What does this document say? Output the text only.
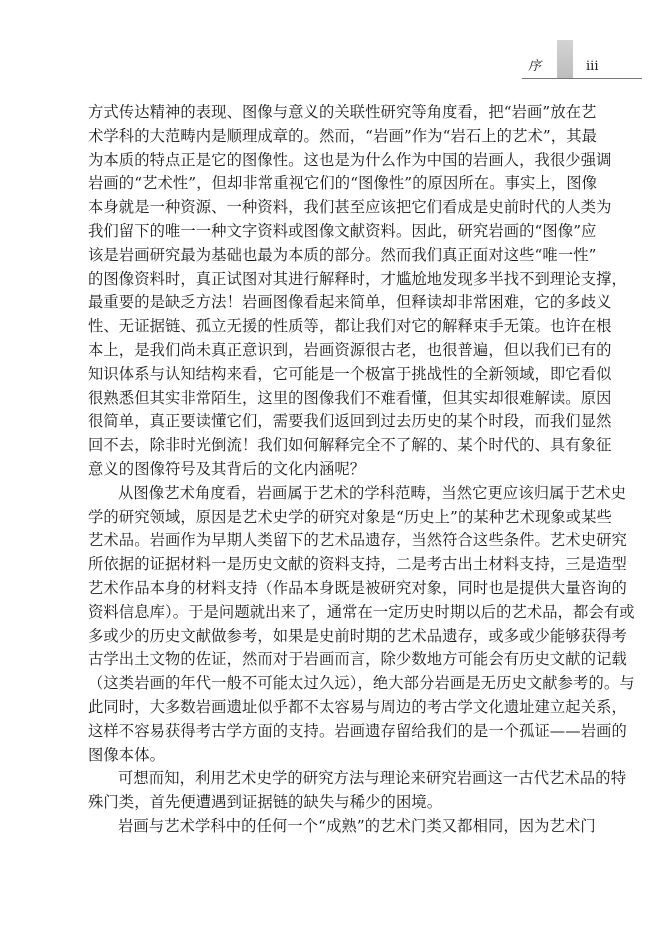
序	iii
方式传达精神的表现、图像与意义的关联性研究等角度看，把“岩画”放在艺
术学科的大范畴内是顺理成章的。然而，“岩画”作为“岩石上的艺术”，其最
为本质的特点正是它的图像性。这也是为什么作为中国的岩画人，我很少强调
岩画的“艺术性”，但却非常重视它们的“图像性”的原因所在。事实上，图像
本身就是一种资源、一种资料，我们甚至应该把它们看成是史前时代的人类为
我们留下的唯一一种文字资料或图像文献资料。因此，研究岩画的“图像”应
该是岩画研究最为基础也最为本质的部分。然而我们真正面对这些“唯一性”
的图像资料时，真正试图对其进行解释时，才尴尬地发现多半找不到理论支撑，
最重要的是缺乏方法！岩画图像看起来简单，但释读却非常困难，它的多歧义
性、无证据链、孤立无援的性质等，都让我们对它的解释束手无策。也许在根
本上，是我们尚未真正意识到，岩画资源很古老，也很普遍，但以我们已有的
知识体系与认知结构来看，它可能是一个极富于挑战性的全新领域，即它看似
很熟悉但其实非常陌生，这里的图像我们不难看懂，但其实却很难解读。原因
很简单，真正要读懂它们，需要我们返回到过去历史的某个时段，而我们显然
回不去，除非时光倒流！我们如何解释完全不了解的、某个时代的、具有象征
意义的图像符号及其背后的文化内涵呢？
从图像艺术角度看，岩画属于艺术的学科范畴，当然它更应该归属于艺术史
学的研究领域，原因是艺术史学的研究对象是“历史上”的某种艺术现象或某些
艺术品。岩画作为早期人类留下的艺术品遗存，当然符合这些条件。艺术史研究
所依据的证据材料一是历史文献的资料支持，二是考古出土材料支持，三是造型
艺术作品本身的材料支持（作品本身既是被研究对象，同时也是提供大量咨询的
资料信息库）。于是问题就出来了，通常在一定历史时期以后的艺术品，都会有或
多或少的历史文献做参考，如果是史前时期的艺术品遗存，或多或少能够获得考
古学出土文物的佐证，然而对于岩画而言，除少数地方可能会有历史文献的记载
（这类岩画的年代一般不可能太过久远），绝大部分岩画是无历史文献参考的。与
此同时，大多数岩画遗址似乎都不太容易与周边的考古学文化遗址建立起关系，
这样不容易获得考古学方面的支持。岩画遗存留给我们的是一个孤证——岩画的
图像本体。
可想而知，利用艺术史学的研究方法与理论来研究岩画这一古代艺术品的特
殊门类，首先便遭遇到证据链的缺失与稀少的困境。
岩画与艺术学科中的任何一个“成熟”的艺术门类又都相同，因为艺术门
